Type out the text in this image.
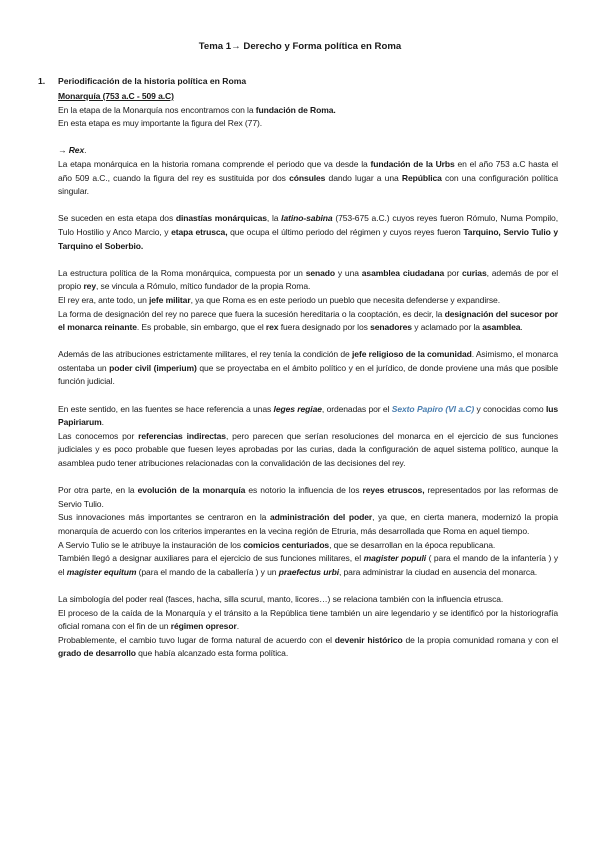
Tema 1→ Derecho y Forma política en Roma
1. Periodificación de la historia política en Roma

Monarquía (753 a.C - 509 a.C)

En la etapa de la Monarquía nos encontramos con la fundación de Roma.

En esta etapa es muy importante la figura del Rex (77).

→ Rex.

La etapa monárquica en la historia romana comprende el periodo que va desde la fundación de la Urbs en el año 753 a.C hasta el año 509 a.C., cuando la figura del rey es sustituida por dos cónsules dando lugar a una República con una configuración política singular.

Se suceden en esta etapa dos dinastías monárquicas, la latino-sabina (753-675 a.C.) cuyos reyes fueron Rómulo, Numa Pompilo, Tulo Hostilio y Anco Marcio, y etapa etrusca, que ocupa el último periodo del régimen y cuyos reyes fueron Tarquino, Servio Tulio y Tarquino el Soberbio.

La estructura política de la Roma monárquica, compuesta por un senado y una asamblea ciudadana por curias, además de por el propio rey, se vincula a Rómulo, mítico fundador de la propia Roma.

El rey era, ante todo, un jefe militar, ya que Roma es en este periodo un pueblo que necesita defenderse y expandirse.

La forma de designación del rey no parece que fuera la sucesión hereditaria o la cooptación, es decir, la designación del sucesor por el monarca reinante. Es probable, sin embargo, que el rex fuera designado por los senadores y aclamado por la asamblea.

Además de las atribuciones estrictamente militares, el rey tenía la condición de jefe religioso de la comunidad. Asimismo, el monarca ostentaba un poder civil (imperium) que se proyectaba en el ámbito político y en el jurídico, de donde proviene una más que posible función judicial.

En este sentido, en las fuentes se hace referencia a unas leges regiae, ordenadas por el Sexto Papiro (VI a.C) y conocidas como Ius Papiriarum.

Las conocemos por referencias indirectas, pero parecen que serían resoluciones del monarca en el ejercicio de sus funciones judiciales y es poco probable que fuesen leyes aprobadas por las curias, dada la configuración de aquel sistema político, aunque la asamblea pudo tener atribuciones relacionadas con la convalidación de las decisiones del rey.

Por otra parte, en la evolución de la monarquía es notorio la influencia de los reyes etruscos, representados por las reformas de Servio Tulio.

Sus innovaciones más importantes se centraron en la administración del poder, ya que, en cierta manera, modernizó la propia monarquía de acuerdo con los criterios imperantes en la vecina región de Etruria, más desarrollada que Roma en aquel tiempo.

A Servio Tulio se le atribuye la instauración de los comicios centuriados, que se desarrollan en la época republicana.

También llegó a designar auxiliares para el ejercicio de sus funciones militares, el magister populi ( para el mando de la infantería ) y el magister equitum (para el mando de la caballería ) y un praefectus urbi, para administrar la ciudad en ausencia del monarca.

La simbología del poder real (fasces, hacha, silla scurul, manto, licores…) se relaciona también con la influencia etrusca.

El proceso de la caída de la Monarquía y el tránsito a la República tiene también un aire legendario y se identificó por la historiografía oficial romana con el fin de un régimen opresor.

Probablemente, el cambio tuvo lugar de forma natural de acuerdo con el devenir histórico de la propia comunidad romana y con el grado de desarrollo que había alcanzado esta forma política.
